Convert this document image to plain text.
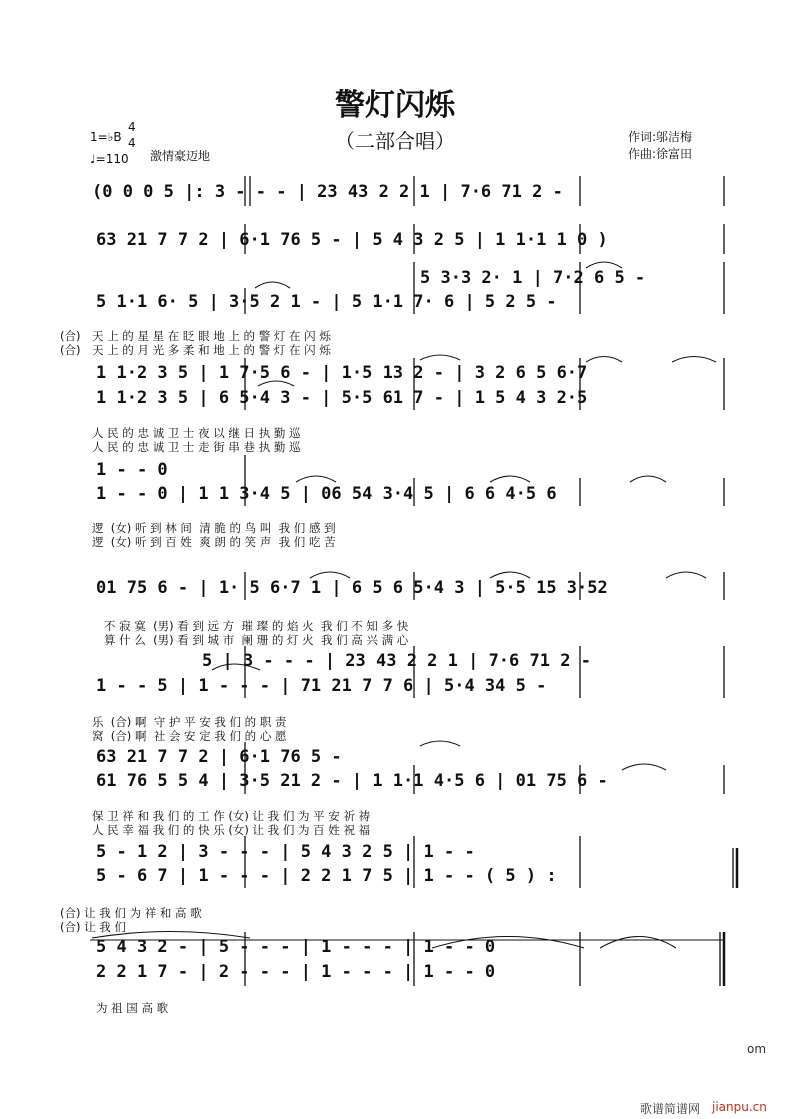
警灯闪烁
（二部合唱）	作词:邬洁梅
作曲:徐富田
1=♭B
4
4
♩=110 激情豪迈地
(0 0 0 5 |: 3 - - - | 23 43 2 2 1 | 7·6 71 2 -
63 21 7 7 2 | 6·1 76 5 - | 5 4 3 2 5 | 1 1·1 1 0 )
5 3·3 2· 1 | 7·2 6 5 -
5 1·1 6· 5 | 3·5 2 1 - | 5 1·1 7· 6 | 5 2 5 -
(合) 天 上 的 星 星 在 眨 眼 地 上 的 警 灯 在 闪 烁
(合) 天 上 的 月 光 多 柔 和 地 上 的 警 灯 在 闪 烁
1 1·2 3 5 | 1 7·5 6 - | 1·5 13 2 - | 3 2 6 5 6·7
1 1·2 3 5 | 6 5·4 3 - | 5·5 61 7 - | 1 5 4 3 2·5
人 民 的 忠 诚 卫 士 夜 以 继 日 执 勤 巡
人 民 的 忠 诚 卫 士 走 街 串 巷 执 勤 巡
1 - - 0
1 - - 0 | 1 1 3·4 5 | 06 54 3·4 5 | 6 6 4·5 6
逻  (女) 听 到 林 间  清 脆 的 鸟 叫  我 们 感 到
逻  (女) 听 到 百 姓  爽 朗 的 笑 声  我 们 吃 苦
01 75 6 - | 1· 5 6·7 1 | 6 5 6 5·4 3 | 5·5 15 3·52
不 寂 寞  (男) 看 到 远 方  璀 璨 的 焰 火  我 们 不 知 多 快
算 什 么  (男) 看 到 城 市  阑 珊 的 灯 火  我 们 高 兴 满 心
5 | 3 - - - | 23 43 2 2 1 | 7·6 71 2 -
1 - - 5 | 1 - - - | 71 21 7 7 6 | 5·4 34 5 -
乐  (合) 啊  守 护 平 安 我 们 的 职 责
窝  (合) 啊  社 会 安 定 我 们 的 心 愿
63 21 7 7 2 | 6·1 76 5 -
61 76 5 5 4 | 3·5 21 2 - | 1 1·1 4·5 6 | 01 75 6 -
保 卫 祥 和 我 们 的 工 作 (女) 让 我 们 为 平 安 祈 祷
人 民 幸 福 我 们 的 快 乐 (女) 让 我 们 为 百 姓 祝 福
5 - 1 2 | 3 - - - | 5 4 3 2 5 | 1 - -
5 - 6 7 | 1 - - - | 2 2 1 7 5 | 1 - - ( 5 ) :
(合) 让 我 们 为 祥 和 高 歌
(合) 让 我 们
5 4 3 2 - | 5 - - - | 1 - - - | 1 - - 0
2 2 1 7 - | 2 - - - | 1 - - - | 1 - - 0
为 祖 国 高 歌
om
歌谱简谱网 jianpu.cn
